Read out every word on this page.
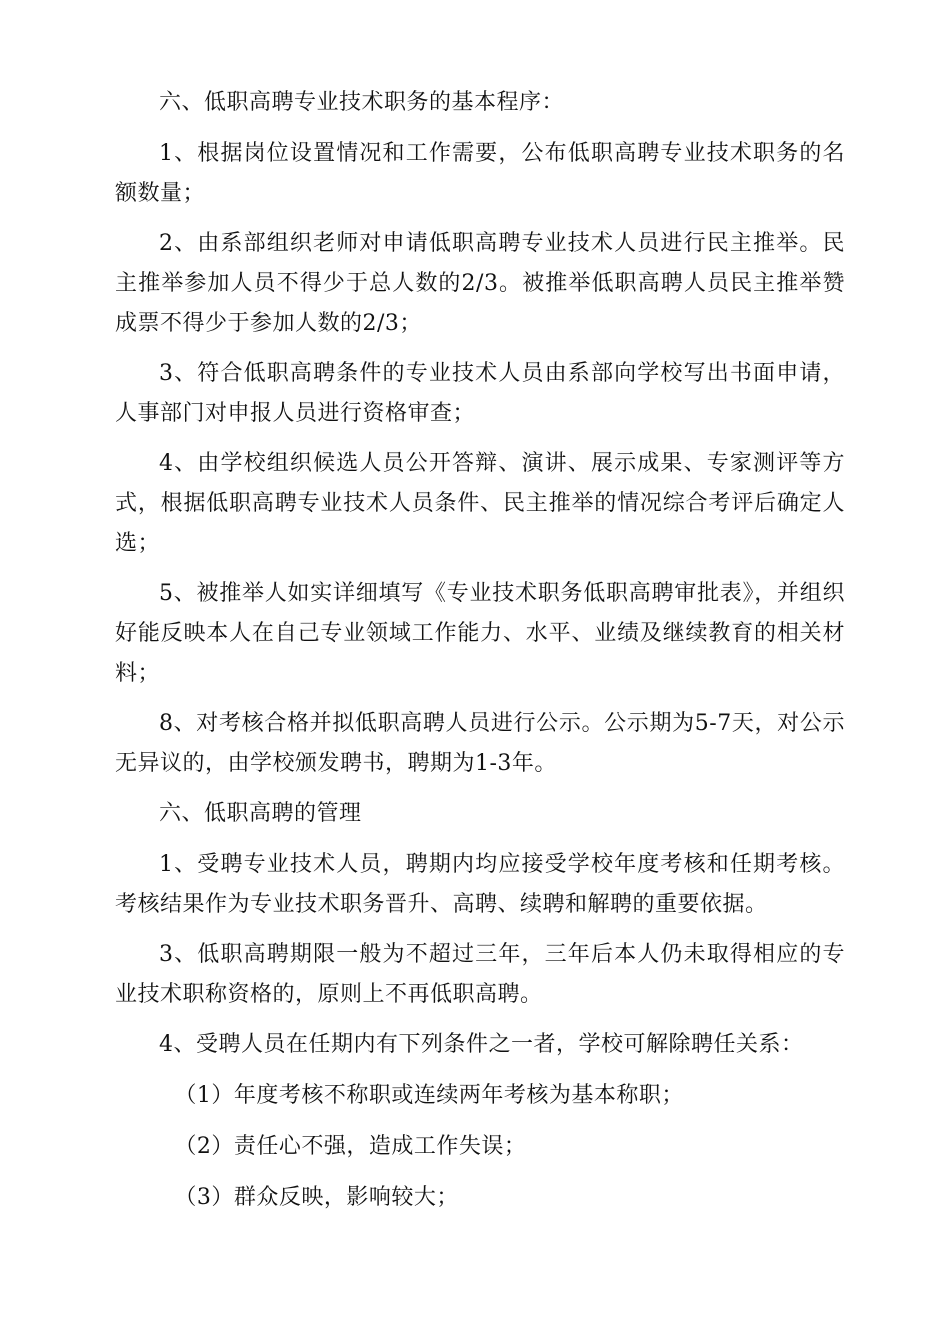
六、低职高聘专业技术职务的基本程序：

1、根据岗位设置情况和工作需要，公布低职高聘专业技术职务的名额数量；

2、由系部组织老师对申请低职高聘专业技术人员进行民主推举。民主推举参加人员不得少于总人数的2/3。被推举低职高聘人员民主推举赞成票不得少于参加人数的2/3；

3、符合低职高聘条件的专业技术人员由系部向学校写出书面申请，人事部门对申报人员进行资格审查；

4、由学校组织候选人员公开答辩、演讲、展示成果、专家测评等方式，根据低职高聘专业技术人员条件、民主推举的情况综合考评后确定人选；

5、被推举人如实详细填写《专业技术职务低职高聘审批表》，并组织好能反映本人在自己专业领域工作能力、水平、业绩及继续教育的相关材料；

8、对考核合格并拟低职高聘人员进行公示。公示期为5-7天，对公示无异议的，由学校颁发聘书，聘期为1-3年。

六、低职高聘的管理

1、受聘专业技术人员，聘期内均应接受学校年度考核和任期考核。考核结果作为专业技术职务晋升、高聘、续聘和解聘的重要依据。

3、低职高聘期限一般为不超过三年，三年后本人仍未取得相应的专业技术职称资格的，原则上不再低职高聘。

4、受聘人员在任期内有下列条件之一者，学校可解除聘任关系：

（1）年度考核不称职或连续两年考核为基本称职；

（2）责任心不强，造成工作失误；

（3）群众反映，影响较大；
